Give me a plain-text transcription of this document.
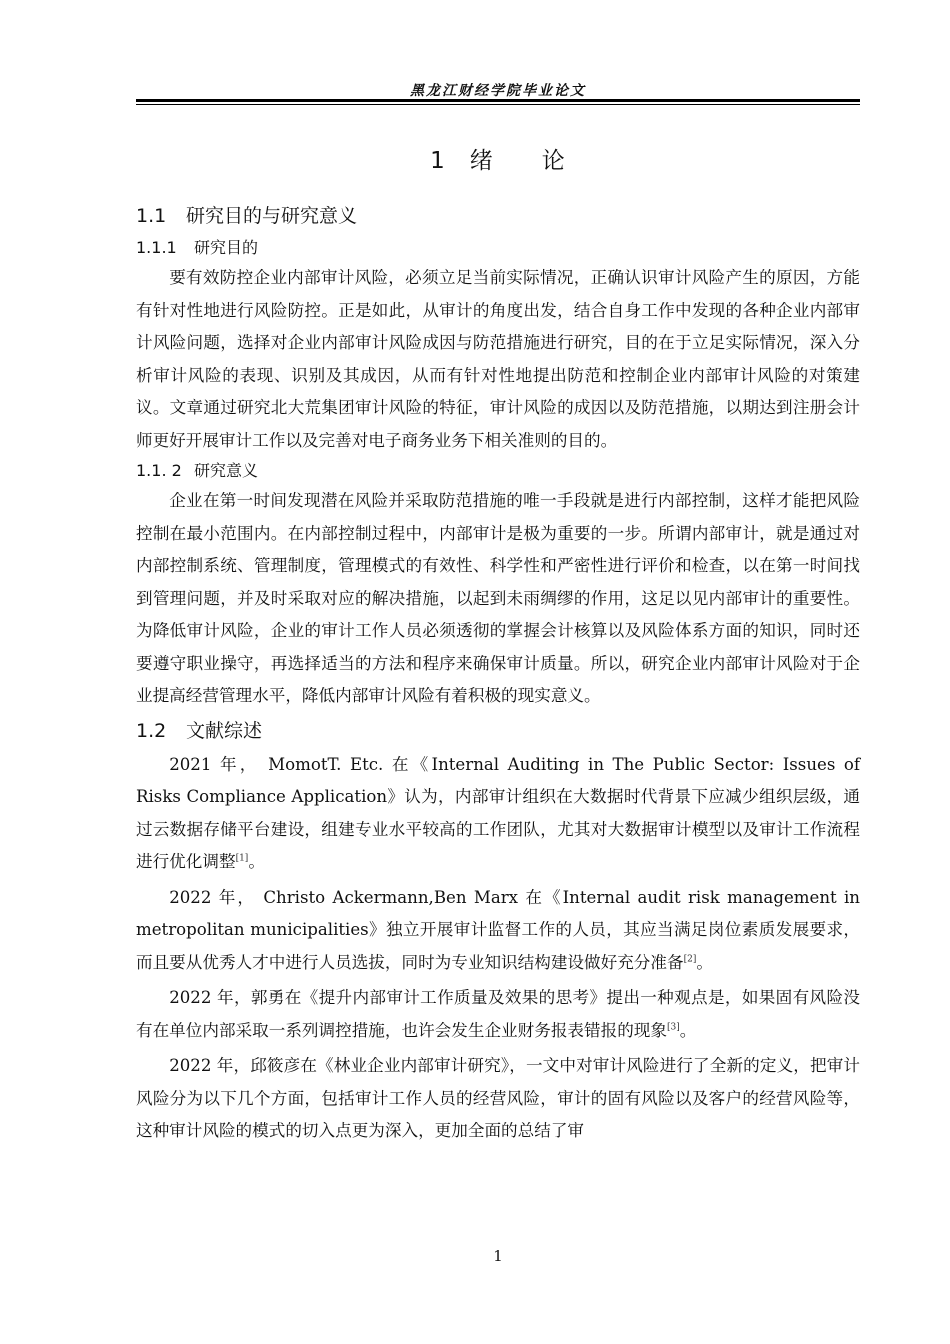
黑龙江财经学院毕业论文
1　绪　　论
1.1 研究目的与研究意义
1.1.1 研究目的

要有效防控企业内部审计风险，必须立足当前实际情况，正确认识审计风险产生的原因，方能有针对性地进行风险防控。正是如此，从审计的角度出发，结合自身工作中发现的各种企业内部审计风险问题，选择对企业内部审计风险成因与防范措施进行研究，目的在于立足实际情况，深入分析审计风险的表现、识别及其成因，从而有针对性地提出防范和控制企业内部审计风险的对策建议。文章通过研究北大荒集团审计风险的特征，审计风险的成因以及防范措施，以期达到注册会计师更好开展审计工作以及完善对电子商务业务下相关准则的目的。

1.1. 2 研究意义

企业在第一时间发现潜在风险并采取防范措施的唯一手段就是进行内部控制，这样才能把风险控制在最小范围内。在内部控制过程中，内部审计是极为重要的一步。所谓内部审计，就是通过对内部控制系统、管理制度，管理模式的有效性、科学性和严密性进行评价和检查，以在第一时间找到管理问题，并及时采取对应的解决措施，以起到未雨绸缪的作用，这足以见内部审计的重要性。为降低审计风险，企业的审计工作人员必须透彻的掌握会计核算以及风险体系方面的知识，同时还要遵守职业操守，再选择适当的方法和程序来确保审计质量。所以，研究企业内部审计风险对于企业提高经营管理水平，降低内部审计风险有着积极的现实意义。

1.2 文献综述

2021 年， MomotT. Etc. 在《Internal Auditing in The Public Sector: Issues of Risks Compliance Application》认为，内部审计组织在大数据时代背景下应减少组织层级，通过云数据存储平台建设，组建专业水平较高的工作团队，尤其对大数据审计模型以及审计工作流程进行优化调整[1]。

2022 年， Christo Ackermann,Ben Marx 在《Internal audit risk management in metropolitan municipalities》独立开展审计监督工作的人员，其应当满足岗位素质发展要求，而且要从优秀人才中进行人员选拔，同时为专业知识结构建设做好充分准备[2]。

2022 年，郭勇在《提升内部审计工作质量及效果的思考》提出一种观点是，如果固有风险没有在单位内部采取一系列调控措施，也许会发生企业财务报表错报的现象[3]。

2022 年，邱筱彦在《林业企业内部审计研究》，一文中对审计风险进行了全新的定义，把审计风险分为以下几个方面，包括审计工作人员的经营风险，审计的固有风险以及客户的经营风险等，这种审计风险的模式的切入点更为深入，更加全面的总结了审

1
